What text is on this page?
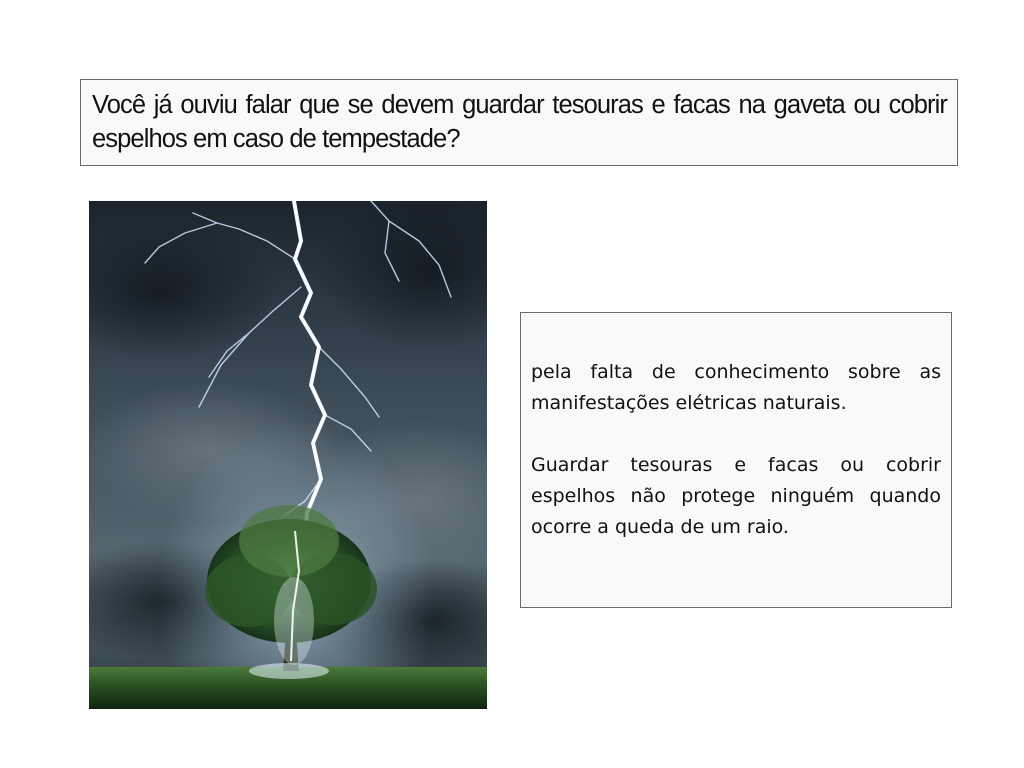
Você já ouviu falar que se devem guardar tesouras e facas na gaveta ou cobrir espelhos em caso de tempestade?

Muitas crendices foram criadas

pela falta de conhecimento sobre as manifestações elétricas naturais.

Guardar tesouras e facas ou cobrir espelhos não protege ninguém quando ocorre a queda de um raio.
